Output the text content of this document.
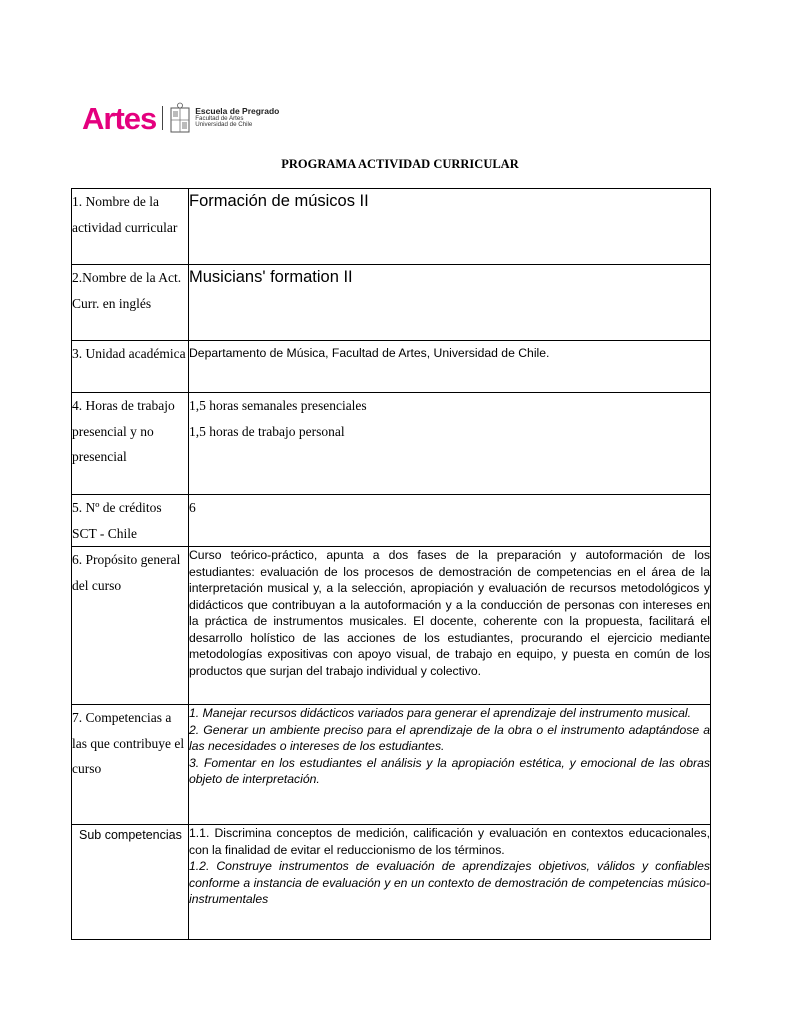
Artes	Escuela de Pregrado
Facultad de Artes
Universidad de Chile
PROGRAMA ACTIVIDAD CURRICULAR
1. Nombre de la actividad curricular	Formación de músicos II
2.Nombre de la Act. Curr. en inglés	Musicians' formation II
3. Unidad académica	Departamento de Música, Facultad de Artes, Universidad de Chile.
4. Horas de trabajo presencial y no presencial	1,5 horas semanales presenciales
1,5 horas de trabajo personal

5. Nº de créditos SCT - Chile	6
6. Propósito general del curso	Curso teórico-práctico, apunta a dos fases de la preparación y autoformación de los estudiantes: evaluación de los procesos de demostración de competencias en el área de la interpretación musical y, a la selección, apropiación y evaluación de recursos metodológicos y didácticos que contribuyan a la autoformación y a la conducción de personas con intereses en la práctica de instrumentos musicales. El docente, coherente con la propuesta, facilitará el desarrollo holístico de las acciones de los estudiantes, procurando el ejercicio mediante metodologías expositivas con apoyo visual, de trabajo en equipo, y puesta en común de los productos que surjan del trabajo individual y colectivo.
7. Competencias a las que contribuye el curso	1. Manejar recursos didácticos variados para generar el aprendizaje del instrumento musical.
2. Generar un ambiente preciso para el aprendizaje de la obra o el instrumento adaptándose a las necesidades o intereses de los estudiantes.
3. Fomentar en los estudiantes el análisis y la apropiación estética, y emocional de las obras objeto de interpretación.

Sub competencias	1.1. Discrimina conceptos de medición, calificación y evaluación en contextos educacionales, con la finalidad de evitar el reduccionismo de los términos.
1.2. Construye instrumentos de evaluación de aprendizajes objetivos, válidos y confiables conforme a instancia de evaluación y en un contexto de demostración de competencias músico-instrumentales
